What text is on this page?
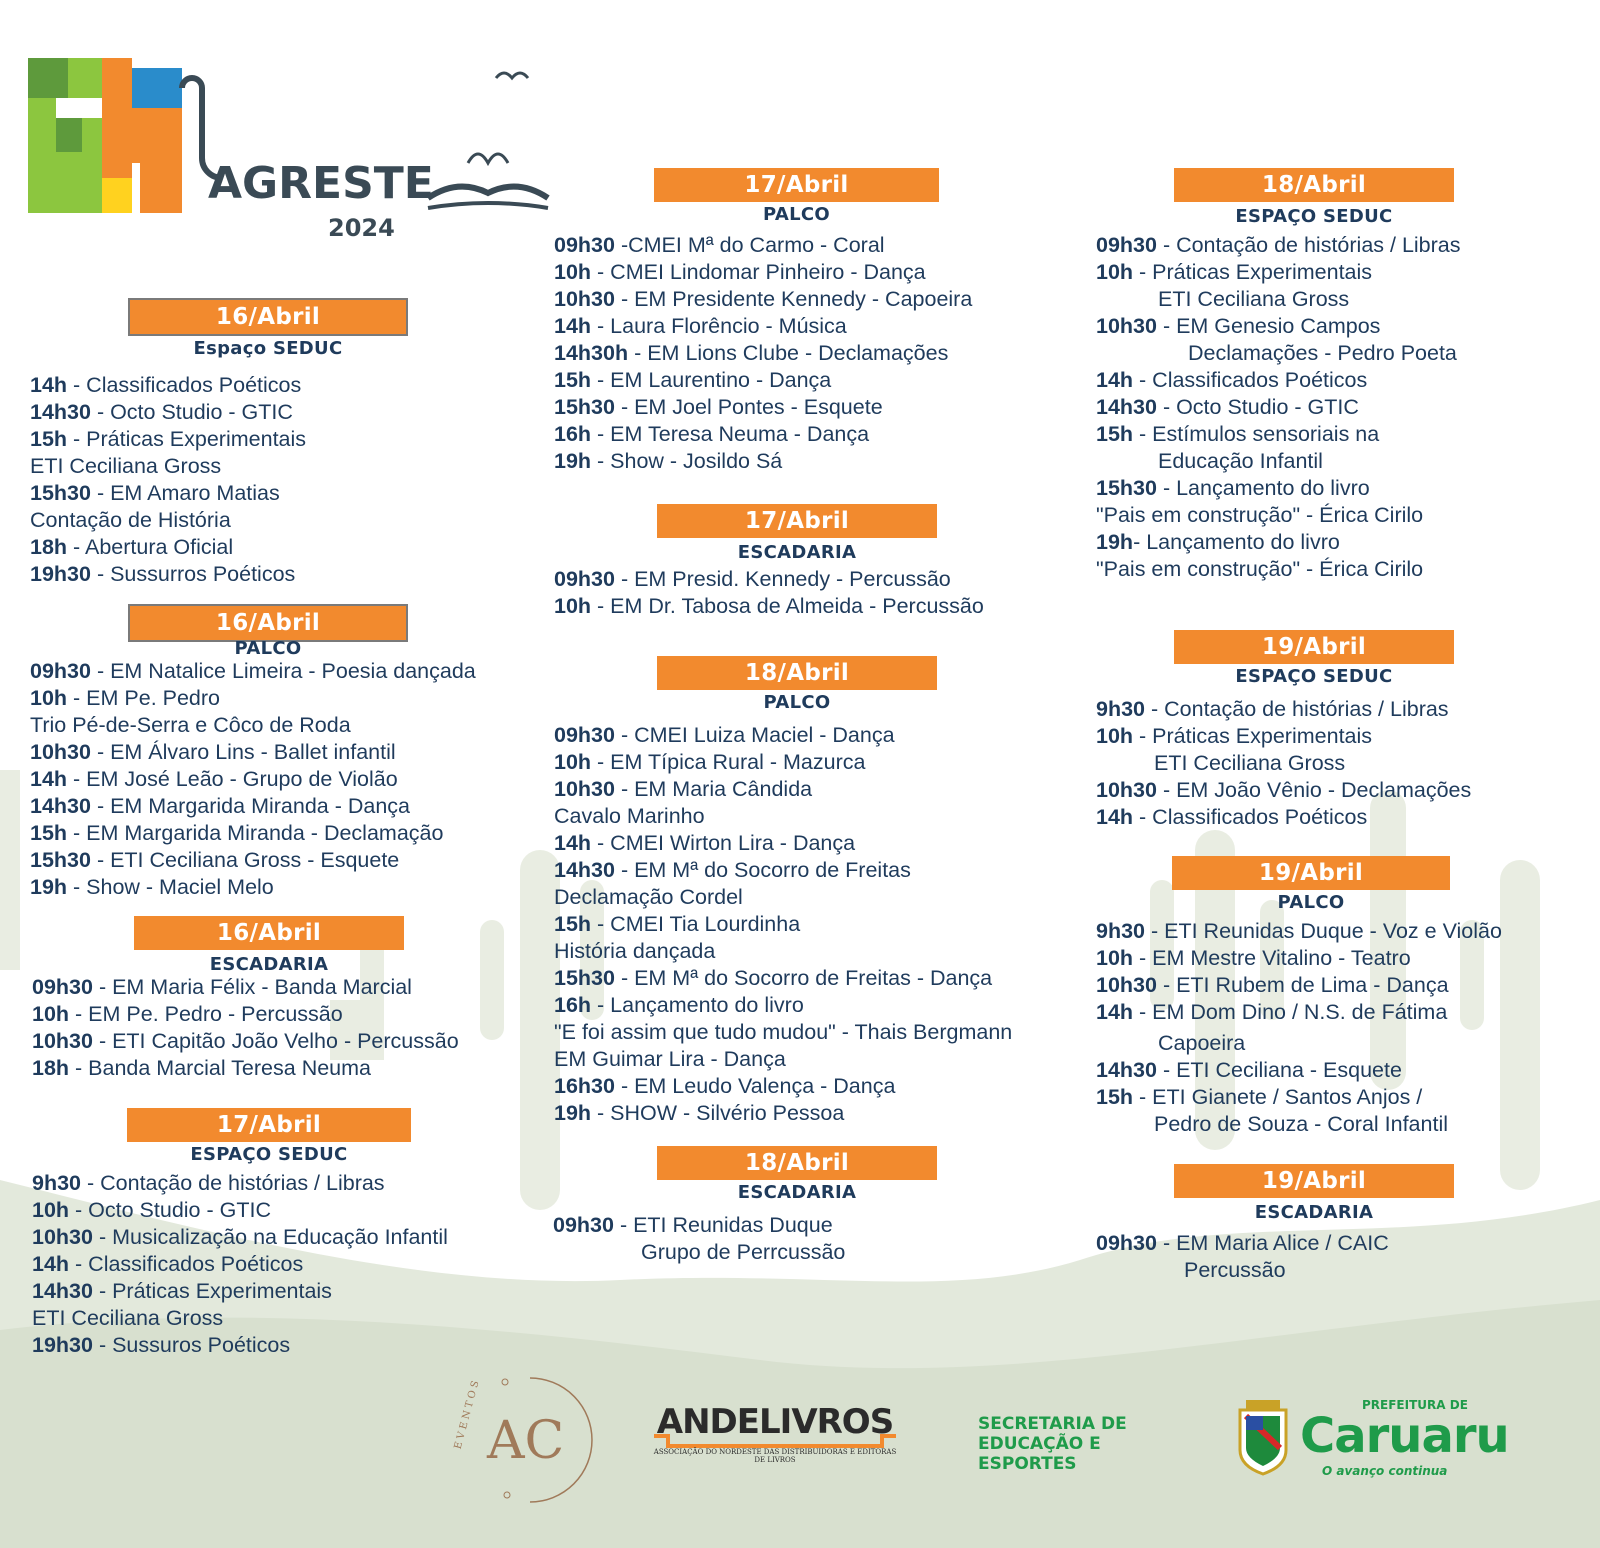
AGRESTE
2024
16/Abril
Espaço SEDUC
14h - Classificados Poéticos
14h30 - Octo Studio - GTIC
15h - Práticas Experimentais
ETI Ceciliana Gross
15h30 - EM Amaro Matias
Contação de História
18h - Abertura Oficial
19h30 - Sussurros Poéticos
16/Abril
PALCO
09h30 - EM Natalice Limeira - Poesia dançada
10h - EM Pe. Pedro
Trio Pé-de-Serra e Côco de Roda
10h30 - EM Álvaro Lins - Ballet infantil
14h - EM José Leão - Grupo de Violão
14h30 - EM Margarida Miranda - Dança
15h - EM Margarida Miranda - Declamação
15h30 - ETI Ceciliana Gross - Esquete
19h - Show - Maciel Melo
16/Abril
ESCADARIA
09h30 - EM Maria Félix - Banda Marcial
10h - EM Pe. Pedro - Percussão
10h30 - ETI Capitão João Velho - Percussão
18h - Banda Marcial Teresa Neuma
17/Abril
ESPAÇO SEDUC
9h30 - Contação de histórias / Libras
10h - Octo Studio - GTIC
10h30 - Musicalização na Educação Infantil
14h - Classificados Poéticos
14h30 - Práticas Experimentais
ETI Ceciliana Gross
19h30 - Sussuros Poéticos
17/Abril
PALCO
09h30 -CMEI Mª do Carmo - Coral
10h - CMEI Lindomar Pinheiro - Dança
10h30 - EM Presidente Kennedy - Capoeira
14h - Laura Florêncio - Música
14h30h - EM Lions Clube - Declamações
15h - EM Laurentino - Dança
15h30 - EM Joel Pontes - Esquete
16h - EM Teresa Neuma - Dança
19h - Show - Josildo Sá
17/Abril
ESCADARIA
09h30 - EM Presid. Kennedy - Percussão
10h - EM Dr. Tabosa de Almeida - Percussão
18/Abril
PALCO
09h30 - CMEI Luiza Maciel - Dança
10h - EM Típica Rural - Mazurca
10h30 - EM Maria Cândida
Cavalo Marinho
14h - CMEI Wirton Lira - Dança
14h30 - EM Mª do Socorro de Freitas
Declamação Cordel
15h - CMEI Tia Lourdinha
História dançada
15h30 - EM Mª do Socorro de Freitas - Dança
16h - Lançamento do livro
"E foi assim que tudo mudou" - Thais Bergmann
EM Guimar Lira - Dança
16h30 - EM Leudo Valença - Dança
19h - SHOW - Silvério Pessoa
18/Abril
ESCADARIA
09h30 - ETI Reunidas Duque
Grupo de Perrcussão
18/Abril
ESPAÇO SEDUC
09h30 - Contação de histórias / Libras
10h - Práticas Experimentais
ETI Ceciliana Gross
10h30 - EM Genesio Campos
Declamações - Pedro Poeta
14h - Classificados Poéticos
14h30 - Octo Studio - GTIC
15h - Estímulos sensoriais na
Educação Infantil
15h30 - Lançamento do livro
"Pais em construção" - Érica Cirilo
19h- Lançamento do livro
"Pais em construção" - Érica Cirilo
19/Abril
ESPAÇO SEDUC
9h30 - Contação de histórias / Libras
10h - Práticas Experimentais
ETI Ceciliana Gross
10h30 - EM João Vênio - Declamações
14h - Classificados Poéticos
19/Abril
PALCO
9h30 - ETI Reunidas Duque - Voz e Violão
10h - EM Mestre Vitalino - Teatro
10h30 - ETI Rubem de Lima - Dança
14h - EM Dom Dino / N.S. de Fátima
Capoeira
14h30 - ETI Ceciliana - Esquete
15h - ETI Gianete / Santos Anjos /
Pedro de Souza - Coral Infantil
19/Abril
ESCADARIA
09h30 - EM Maria Alice / CAIC
Percussão
AC
EVENTOS	ANDELIVROS
ASSOCIAÇÃO DO NORDESTE DAS DISTRIBUIDORAS E EDITORAS DE LIVROS
SECRETARIA DE
EDUCAÇÃO E ESPORTES
PREFEITURA DE
Caruaru
O avanço continua
